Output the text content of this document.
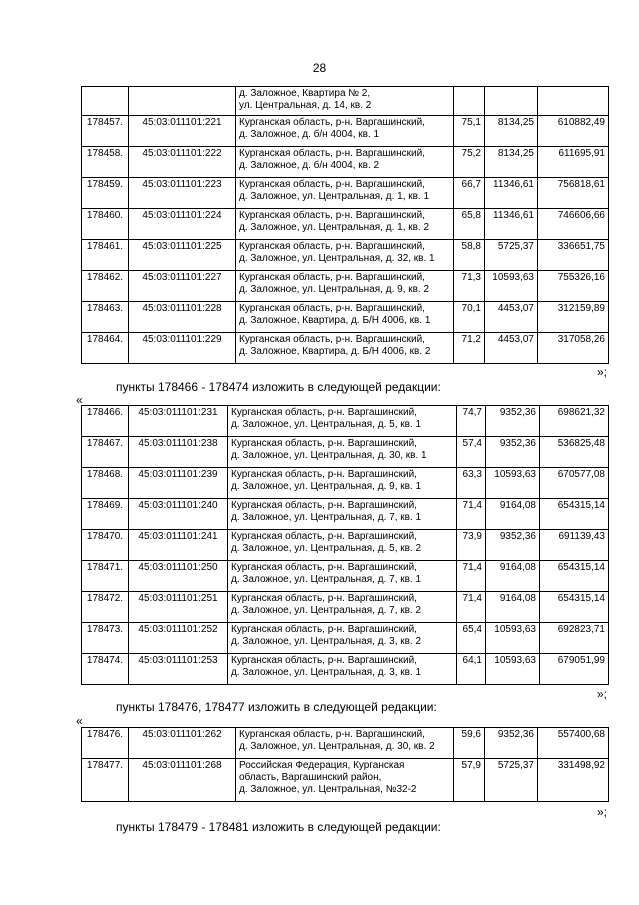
28

		д. Заложное, Квартира № 2,
ул. Центральная, д. 14, кв. 2			

178457.	45:03:011101:221	Курганская область, р-н. Варгашинский,
д. Заложное, д. б/н 4004, кв. 1	75,1	8134,25	610882,49
178458.	45:03:011101:222	Курганская область, р-н. Варгашинский,
д. Заложное, д. б/н 4004, кв. 2	75,2	8134,25	611695,91
178459.	45:03:011101:223	Курганская область, р-н. Варгашинский,
д. Заложное, ул. Центральная, д. 1, кв. 1	66,7	11346,61	756818,61
178460.	45:03:011101:224	Курганская область, р-н. Варгашинский,
д. Заложное, ул. Центральная, д. 1, кв. 2	65,8	11346,61	746606,66
178461.	45:03:011101:225	Курганская область, р-н. Варгашинский,
д. Заложное, ул. Центральная, д. 32, кв. 1	58,8	5725,37	336651,75
178462.	45:03:011101:227	Курганская область, р-н. Варгашинский,
д. Заложное, ул. Центральная, д. 9, кв. 2	71,3	10593,63	755326,16
178463.	45:03:011101:228	Курганская область, р-н. Варгашинский,
д. Заложное, Квартира, д. Б/Н 4006, кв. 1	70,1	4453,07	312159,89
178464.	45:03:011101:229	Курганская область, р-н. Варгашинский,
д. Заложное, Квартира, д. Б/Н 4006, кв. 2	71,2	4453,07	317058,26
»;
пункты 178466 - 178474 изложить в следующей редакции:
«
178466.	45:03:011101:231	Курганская область, р-н. Варгашинский,
д. Заложное, ул. Центральная, д. 5, кв. 1	74,7	9352,36	698621,32
178467.	45:03:011101:238	Курганская область, р-н. Варгашинский,
д. Заложное, ул. Центральная, д. 30, кв. 1	57,4	9352,36	536825,48
178468.	45:03:011101:239	Курганская область, р-н. Варгашинский,
д. Заложное, ул. Центральная, д. 9, кв. 1	63,3	10593,63	670577,08
178469.	45:03:011101:240	Курганская область, р-н. Варгашинский,
д. Заложное, ул. Центральная, д. 7, кв. 1	71,4	9164,08	654315,14
178470.	45:03:011101:241	Курганская область, р-н. Варгашинский,
д. Заложное, ул. Центральная, д. 5, кв. 2	73,9	9352,36	691139,43
178471.	45:03:011101:250	Курганская область, р-н. Варгашинский,
д. Заложное, ул. Центральная, д. 7, кв. 1	71,4	9164,08	654315,14
178472.	45:03:011101:251	Курганская область, р-н. Варгашинский,
д. Заложное, ул. Центральная, д. 7, кв. 2	71,4	9164,08	654315,14
178473.	45:03:011101:252	Курганская область, р-н. Варгашинский,
д. Заложное, ул. Центральная, д. 3, кв. 2	65,4	10593,63	692823,71
178474.	45:03:011101:253	Курганская область, р-н. Варгашинский,
д. Заложное, ул. Центральная, д. 3, кв. 1	64,1	10593,63	679051,99
»;
пункты 178476, 178477 изложить в следующей редакции:
«
178476.	45:03:011101:262	Курганская область, р-н. Варгашинский,
д. Заложное, ул. Центральная, д. 30, кв. 2	59,6	9352,36	557400,68
178477.	45:03:011101:268	Российская Федерация, Курганская
область, Варгашинский район,
д. Заложное, ул. Центральная, №32-2	57,9	5725,37	331498,92
»;
пункты 178479 - 178481 изложить в следующей редакции:
